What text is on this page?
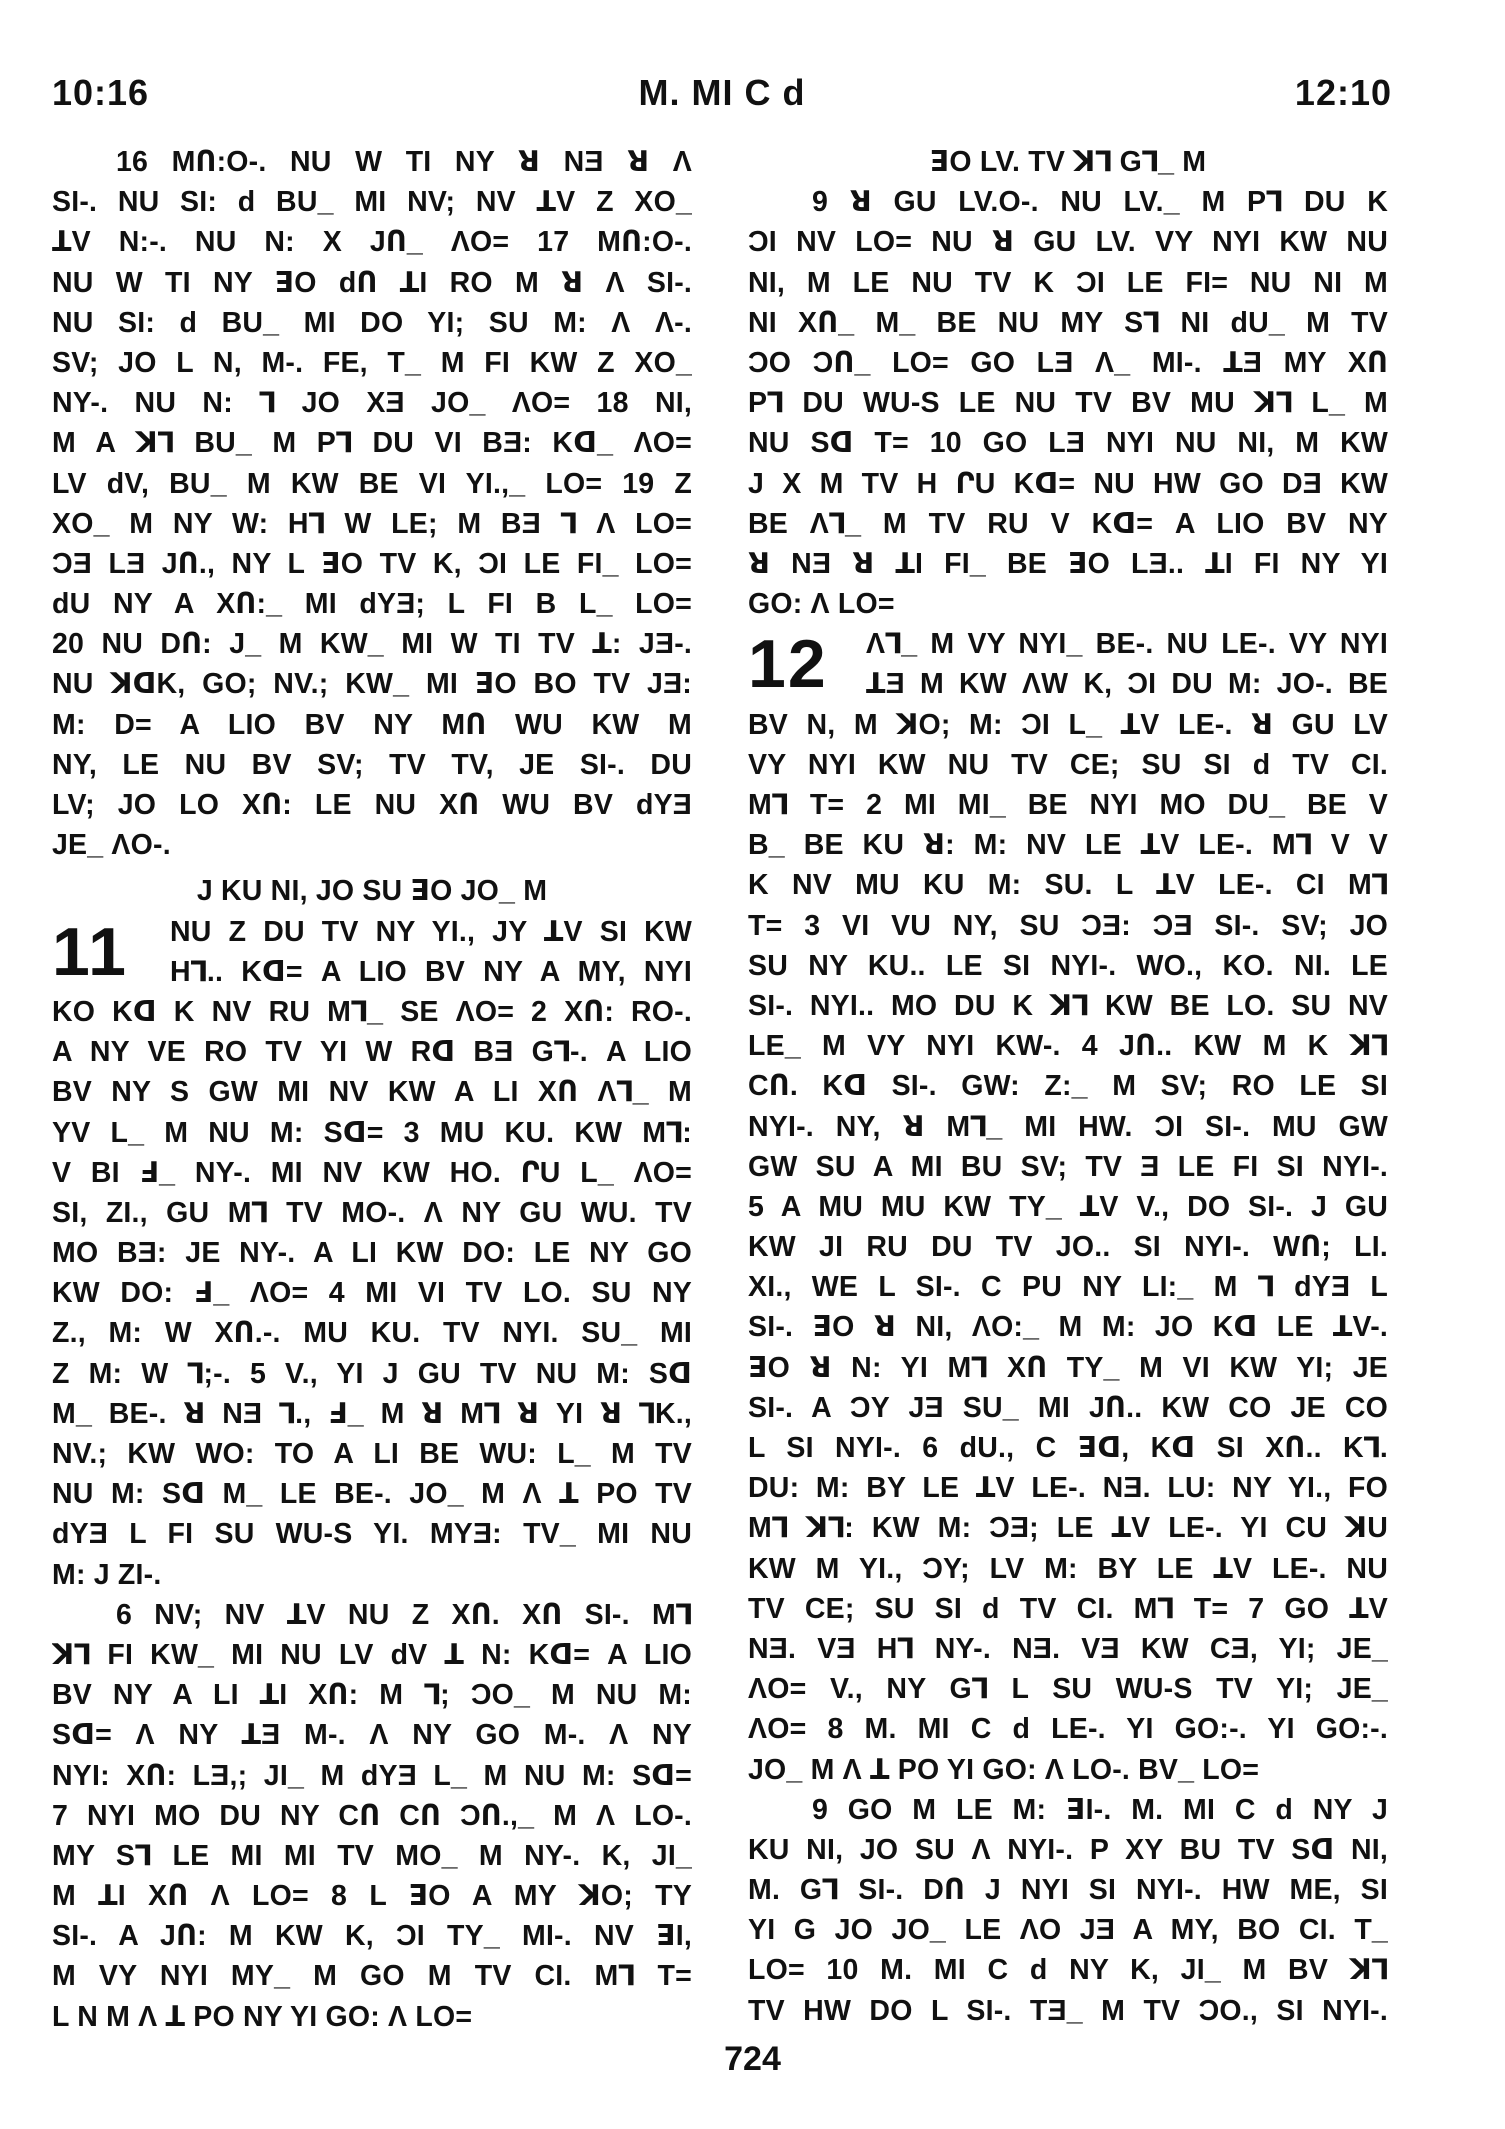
M. MI C d
10:16	12:10
16 MՈ:O-. NU W TI NY ꓤ NƎ ꓤ Ʌ
SI-. NU SI: d BU_ MI NV; NV ꓕV Z XO_
ꓕV N:-. NU N: X JՈ_ ɅO= 17 MՈ:O-.
NU W TI NY ꓱO dՈ ꓕI RO M ꓤ Ʌ SI-.
NU SI: d BU_ MI DO YI; SU M: Ʌ Ʌ-.
SV; JO L N, M-. FE, T_ M FI KW Z XO_
NY-. NU N: ꓶ JO XƎ JO_ ɅO= 18 NI,
M A ꓘꓶ BU_ M Pꓶ DU VI BƎ: Kꓷ_ ɅO=
LV dV, BU_ M KW BE VI YI.,_ LO= 19 Z
XO_ M NY W: Hꓶ W LE; M BƎ ꓶ Ʌ LO=
ƆƎ LƎ JՈ., NY L ꓱO TV K, ƆI LE FI_ LO=
dU NY A XՈ:_ MI dYƎ; L FI B L_ LO=
20 NU DՈ: J_ M KW_ MI W TI TV ꓕ: JƎ-.
NU ꓘꓷK, GO; NV.; KW_ MI ꓱO BO TV JƎ:
M: D= A LIO BV NY MՈ WU KW M
NY, LE NU BV SV; TV TV, JE SI-. DU
LV; JO LO XՈ: LE NU XՈ WU BV dYƎ
JE_ ɅO-.
J KU NI, JO SU ꓱO JO_ M
11	NU Z DU TV NY YI., JY ꓕV SI KW
Hꓶ.. Kꓷ= A LIO BV NY A MY, NYI
KO Kꓷ K NV RU Mꓶ_ SE ɅO= 2 XՈ: RO-.
A NY VE RO TV YI W Rꓷ BƎ Gꓶ-. A LIO
BV NY S GW MI NV KW A LI XՈ Ʌꓶ_ M
YV L_ M NU M: Sꓷ= 3 MU KU. KW Mꓶ:
V BI ꓞ_ NY-. MI NV KW HO. ՐU L_ ɅO=
SI, ZI., GU Mꓶ TV MO-. Ʌ NY GU WU. TV
MO BƎ: JE NY-. A LI KW DO: LE NY GO
KW DO: ꓞ_ ɅO= 4 MI VI TV LO. SU NY
Z., M: W XՈ.-. MU KU. TV NYI. SU_ MI
Z M: W ꓶ;-. 5 V., YI J GU TV NU M: Sꓷ
M_ BE-. ꓤ NƎ ꓶ., ꓞ_ M ꓤ Mꓶ ꓤ YI ꓤ ꓶK.,
NV.; KW WO: TO A LI BE WU: L_ M TV
NU M: Sꓷ M_ LE BE-. JO_ M Ʌ ꓕ PO TV
dYƎ L FI SU WU-S YI. MYƎ: TV_ MI NU
M: J ZI-.
6 NV; NV ꓕV NU Z XՈ. XՈ SI-. Mꓶ
ꓘꓶ FI KW_ MI NU LV dV ꓕ N: Kꓷ= A LIO
BV NY A LI ꓕI XՈ: M ꓶ; ƆO_ M NU M:
Sꓷ= Ʌ NY ꓕƎ M-. Ʌ NY GO M-. Ʌ NY
NYI: XՈ: LƎ,; JI_ M dYƎ L_ M NU M: Sꓷ=
7 NYI MO DU NY CՈ CՈ ƆՈ.,_ M Ʌ LO-.
MY Sꓶ LE MI MI TV MO_ M NY-. K, JI_
M ꓕI XՈ Ʌ LO= 8 L ꓱO A MY ꓘO; TY
SI-. A JՈ: M KW K, ƆI TY_ MI-. NV ꓱI,
M VY NYI MY_ M GO M TV CI. Mꓶ T=
L N M Ʌ ꓕ PO NY YI GO: Ʌ LO=
ꓱO LV. TV ꓘꓶ Gꓶ_ M
9 ꓤ GU LV.O-. NU LV._ M Pꓶ DU K
ƆI NV LO= NU ꓤ GU LV. VY NYI KW NU
NI, M LE NU TV K ƆI LE FI= NU NI M
NI XՈ_ M_ BE NU MY Sꓶ NI dU_ M TV
ƆO ƆՈ_ LO= GO LƎ Ʌ_ MI-. ꓕƎ MY XՈ
Pꓶ DU WU-S LE NU TV BV MU ꓘꓶ L_ M
NU Sꓷ T= 10 GO LƎ NYI NU NI, M KW
J X M TV H ՐU Kꓷ= NU HW GO DƎ KW
BE Ʌꓶ_ M TV RU V Kꓷ= A LIO BV NY
ꓤ NƎ ꓤ ꓕI FI_ BE ꓱO LƎ.. ꓕI FI NY YI
GO: Ʌ LO=
12	Ʌꓶ_ M VY NYI_ BE-. NU LE-. VY NYI
ꓕƎ M KW ɅW K, ƆI DU M: JO-. BE
BV N, M ꓘO; M: ƆI L_ ꓕV LE-. ꓤ GU LV
VY NYI KW NU TV CE; SU SI d TV CI.
Mꓶ T= 2 MI MI_ BE NYI MO DU_ BE V
B_ BE KU ꓤ: M: NV LE ꓕV LE-. Mꓶ V V
K NV MU KU M: SU. L ꓕV LE-. CI Mꓶ
T= 3 VI VU NY, SU ƆƎ: ƆƎ SI-. SV; JO
SU NY KU.. LE SI NYI-. WO., KO. NI. LE
SI-. NYI.. MO DU K ꓘꓶ KW BE LO. SU NV
LE_ M VY NYI KW-. 4 JՈ.. KW M K ꓘꓶ
CՈ. Kꓷ SI-. GW: Z:_ M SV; RO LE SI
NYI-. NY, ꓤ Mꓶ_ MI HW. ƆI SI-. MU GW
GW SU A MI BU SV; TV Ǝ LE FI SI NYI-.
5 A MU MU KW TY_ ꓕV V., DO SI-. J GU
KW JI RU DU TV JO.. SI NYI-. WՈ; LI.
XI., WE L SI-. C PU NY LI:_ M ꓶ dYƎ L
SI-. ꓱO ꓤ NI, ɅO:_ M M: JO Kꓷ LE ꓕV-.
ꓱO ꓤ N: YI Mꓶ XՈ TY_ M VI KW YI; JE
SI-. A ƆY JƎ SU_ MI JՈ.. KW CO JE CO
L SI NYI-. 6 dU., C ꓱꓷ, Kꓷ SI XՈ.. Kꓶ.
DU: M: BY LE ꓕV LE-. NƎ. LU: NY YI., FO
Mꓶ ꓘꓶ: KW M: ƆƎ; LE ꓕV LE-. YI CU ꓘU
KW M YI., ƆY; LV M: BY LE ꓕV LE-. NU
TV CE; SU SI d TV CI. Mꓶ T= 7 GO ꓕV
NƎ. VƎ Hꓶ NY-. NƎ. VƎ KW CƎ, YI; JE_
ɅO= V., NY Gꓶ L SU WU-S TV YI; JE_
ɅO= 8 M. MI C d LE-. YI GO:-. YI GO:-.
JO_ M Ʌ ꓕ PO YI GO: Ʌ LO-. BV_ LO=
9 GO M LE M: ꓱI-. M. MI C d NY J
KU NI, JO SU Ʌ NYI-. P XY BU TV Sꓷ NI,
M. Gꓶ SI-. DՈ J NYI SI NYI-. HW ME, SI
YI G JO JO_ LE ɅO JƎ A MY, BO CI. T_
LO= 10 M. MI C d NY K, JI_ M BV ꓘꓶ
TV HW DO L SI-. TƎ_ M TV ƆO., SI NYI-.
724
